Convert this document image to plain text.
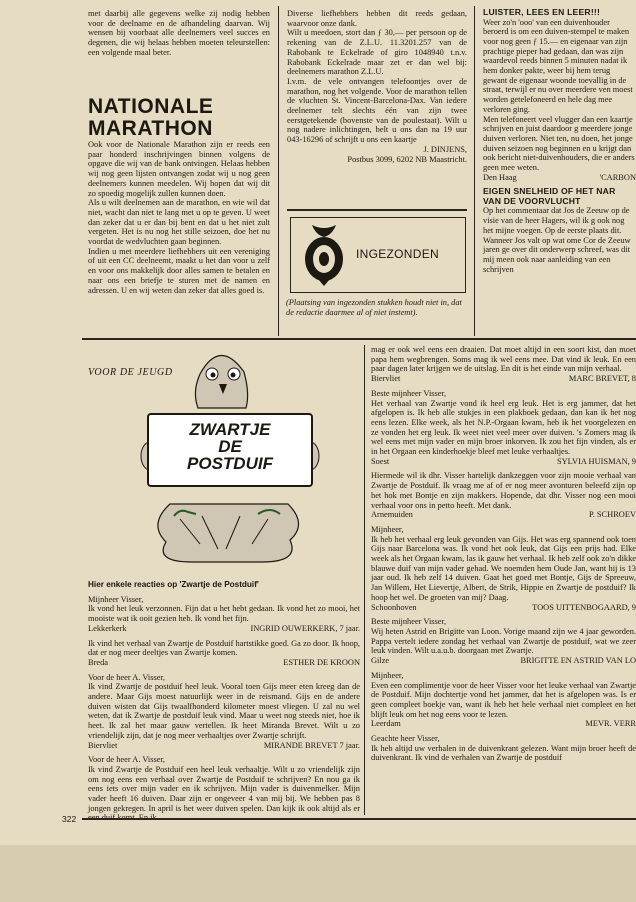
met daarbij alle gegevens welke zij nodig hebben voor de deelname en de afhandeling daarvan. Wij wensen bij voorbaat alle deelnemers veel succes en degenen, die wij helaas hebben moeten teleurstellen: een volgende maal beter.

NATIONALE
MARATHON

Ook voor de Nationale Marathon zijn er reeds een paar honderd inschrijvingen binnen volgens de opgave die wij van de bank ontvingen. Helaas hebben wij nog geen lijsten ontvangen zodat wij u nog geen deelnemers kunnen meedelen. Wij hopen dat wij dit zo spoedig mogelijk zullen kunnen doen.

Als u wilt deelnemen aan de marathon, en wie wil dat niet, wacht dan niet te lang met u op te geven. U weet dan zeker dat u er dan bij bent en dat u het niet zult vergeten. Het is nu nog het stille seizoen, doe het nu voordat de wedvluchten gaan beginnen.

Indien u met meerdere liefhebbers uit een vereniging of uit een CC deelneemt, maakt u het dan voor u zelf en voor ons makkelijk door alles samen te betalen en naar ons een briefje te sturen met de namen en adressen. U en wij weten dan zeker dat alles goed is.

Diverse liefhebbers hebben dit reeds gedaan, waarvoor onze dank.

Wilt u meedoen, stort dan ƒ 30,— per persoon op de rekening van de Z.L.U. 11.3201.257 van de Rabobank te Eckelrade of giro 1048940 t.n.v. Rabobank Eckelrade maar zet er dan wel bij: deelnemers marathon Z.L.U.

I.v.m. de vele ontvangen telefoontjes over de marathon, nog het volgende. Voor de marathon tellen de vluchten St. Vincent-Barcelona-Dax. Van iedere deelnemer telt slechts één van zijn twee eerstgetekende (bovenste van de poulestaat). Wilt u nog nadere inlichtingen, belt u ons dan na 19 uur 043-16296 of schrijft u ons een kaartje

J. DINJENS,

Postbus 3099, 6202 NB Maastricht.

INGEZONDEN
(Plaatsing van ingezonden stukken houdt niet in, dat de redactie daarmee al of niet instemt).
LUISTER, LEES EN LEER!!!

Weer zo'n 'ooo' van een duivenhouder beroerd is om een duiven-stempel te maken voor nog geen ƒ 15.— en eigenaar van zijn prachtige pieper had gedaan, dan was zijn waardevol reeds binnen 5 minuten nadat ik hem donker pakte, weer bij hem terug gewant de eigenaar woonde toevallig in de straat, terwijl er nu over meerdere ven moest worden getelefoneerd en hele dag mee verloren ging.

Men telefoneert veel vlugger dan een kaartje schrijven en juist daardoor g meerdere jonge duiven verloren. Niet ten, nu doen, het jonge duiven seizoen nog beginnen en u krijgt dan ook bericht niet-duivenhouders, die er anders geen mee weten.

Den Haag	'CARBON
EIGEN SNELHEID OF HET NAR VAN DE VOORVLUCHT

Op het commentaar dat Jos de Zeeuw op de visie van de heer Hagers, wil ik g ook nog het mijne voegen. Op de eerste plaats dit. Wanneer Jos valt op wat ome Cor de Zeeuw jaren ge over dit onderwerp schreef, was dit mij meen ook naar aanleiding van een schrijven

VOOR DE JEUGD
ZWARTJE
DE
POSTDUIF

Hier enkele reacties op 'Zwartje de Postduif'

Mijnheer Visser,
Ik vond het leuk verzonnen. Fijn dat u het hebt gedaan. Ik vond het zo mooi, het mooiste wat ik ooit gezien heb. Ik vond het fijn.

Lekkerkerk	INGRID OUWERKERK, 7 jaar.

Ik vind het verhaal van Zwartje de Postduif hartstikke goed. Ga zo door. Ik hoop, dat er nog meer deeltjes van Zwartje komen.

Breda	ESTHER DE KROON

Voor de heer A. Visser,
Ik vind Zwartje de postduif heel leuk. Vooral toen Gijs meer eten kreeg dan de andere. Maar Gijs moest natuurlijk weer in de reismand. Gijs en de andere duiven wisten dat Gijs twaalfhonderd kilometer moest vliegen. U zal nu wel weten, dat ik Zwartje de postduif leuk vind. Maar u weet nog steeds niet, hoe ik heet. Ik zal het maar gauw vertellen. Ik heet Miranda Brevet. Wilt u zo vriendelijk zijn, dat je nog meer verhaaltjes over Zwartje schrijft.

Biervliet	MIRANDE BREVET 7 jaar.

Voor de heer A. Visser,
Ik vind Zwartje de Postduif een heel leuk verhaaltje. Wilt u zo vriendelijk zijn om nog eens een verhaal over Zwartje de Postduif te schrijven? En nou ga ik eens iets over mijn vader en ik schrijven. Mijn vader is duivenmelker. Mijn vader heeft 16 duiven. Daar zijn er ongeveer 4 van mij bij. We hebben pas 8 jongen gekregen. In april is het weer duiven spelen. Dan kijk ik ook altijd als er

mag er ook wel eens een draaien. Dat moet altijd in een soort kist, dan moet papa hem wegbrengen. Soms mag ik wel eens mee. Dat vind ik leuk. En een paar dagen later krijgen we de uitslag. En dit is het einde van mijn verhaal.

Biervliet	MARC BREVET, 8

Beste mijnheer Visser,
Het verhaal van Zwartje vond ik heel erg leuk. Het is erg jammer, dat het afgelopen is. Ik heb alle stukjes in een plakboek gedaan, dan kan ik het nog eens lezen. Elke week, als het N.P.-Orgaan kwam, heb ik het voorgelezen en ze vonden het erg leuk. Ik weet niet veel meer over duiven. 's Zomers mag ik wel eens met mijn vader en mijn broer inkorven. Ik zou het fijn vinden, als er in het Orgaan een kinderhoekje bleef met leuke verhaaltjes.

Soest	SYLVIA HUISMAN, 9

Hiermede wil ik dhr. Visser hartelijk dankzeggen voor zijn mooie verhaal van Zwartje de Postduif. Ik vraag me af of er nog meer avonturen beleefd zijn op het hok met Bontje en zijn makkers. Hopende, dat dhr. Visser nog een mooi verhaal voor ons in petto heeft. Met dank.

Arnemuiden	P. SCHROEV

Mijnheer,
Ik heb het verhaal erg leuk gevonden van Gijs. Het was erg spannend ook toen Gijs naar Barcelona was. Ik vond het ook leuk, dat Gijs een prijs had. Elke week als het Orgaan kwam, las ik gauw het verhaal. Ik heb zelf ook zo'n dikke blauwe duif van mijn vader gehad. We noemden hem Oude Jan, want hij is 13 jaar oud. Ik heb zelf 14 duiven. Gaat het goed met Bontje, Gijs de Spreeuw, Jan Willem, Het Lievertje, Albert, de Strik, Hippie en Zwartje de postduif? Ik hoop het wel. De groeten van mij? Daag.

Schoonhoven	TOOS UITTENBOGAARD, 9

Beste mijnheer Visser,
Wij heten Astrid en Brigitte van Loon. Vorige maand zijn we 4 jaar geworden. Pappa vertelt iedere zondag het verhaal van Zwartje de postduif, wat we zeer leuk vinden. Wilt u.a.u.b. doorgaan met Zwartje.

Gilze	BRIGITTE EN ASTRID VAN LO

Mijnheer,
Even een complimentje voor de heer Visser voor het leuke verhaal van Zwartje de Postduif. Mijn dochtertje vond het jammer, dat het is afgelopen was. Is er geen compleet boekje van, want ik heb het hele verhaal niet compleet en het blijft leuk om het nog eens voor te lezen.

Leerdam	MEVR. VERR

Geachte heer Visser,
Ik heb altijd uw verhalen in de duivenkrant gelezen. Want mijn broer heeft de duivenkrant. Ik vind de verhalen van Zwartje de postduif

322
